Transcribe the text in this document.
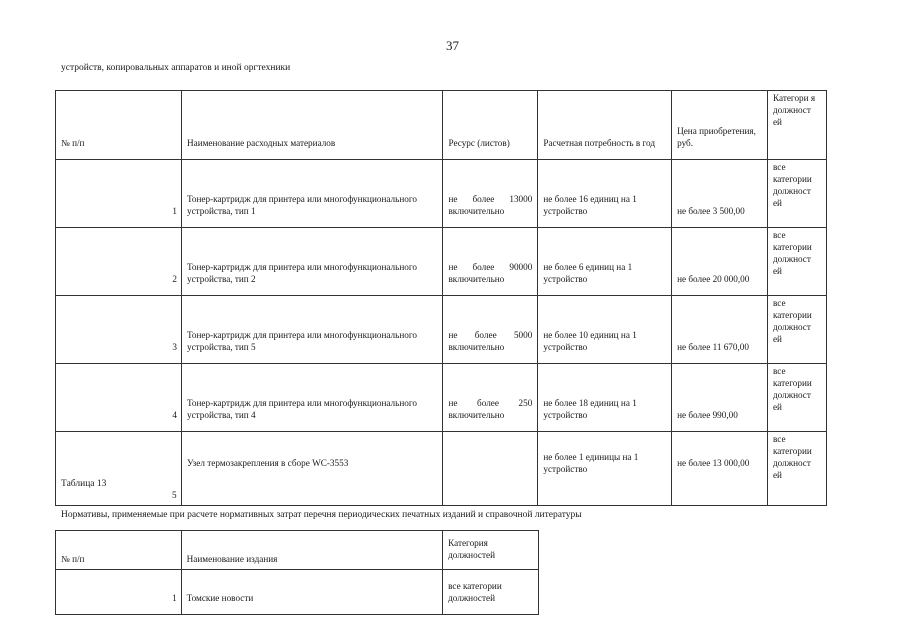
37
устройств, копировальных аппаратов и иной оргтехники
№ п/п	Наименование расходных материалов	Ресурс (листов)	Расчетная потребность в год	Цена приобретения, руб.	Категори я должност ей
1	Тонер-картридж для принтера или многофункционального устройства, тип 1	не более 13000 включительно	не более 16 единиц на 1 устройство	не более 3 500,00	все категории должност ей
2	Тонер-картридж для принтера или многофункционального устройства, тип 2	не более 90000 включительно	не более 6 единиц на 1 устройство	не более 20 000,00	все категории должност ей
3	Тонер-картридж для принтера или многофункционального устройства, тип 5	не более 5000 включительно	не более 10 единиц на 1 устройство	не более 11 670,00	все категории должност ей
4	Тонер-картридж для принтера или многофункционального устройства, тип 4	не более 250 включительно	не более 18 единиц на 1 устройство	не более 990,00	все категории должност ей
5	Узел термозакрепления в сборе WC-3553		не более 1 единицы на 1 устройство	не более 13 000,00	все категории должност ей
Таблица 13
Нормативы, применяемые при расчете нормативных затрат перечня периодических печатных изданий и справочной литературы
№ п/п	Наименование издания	Категория должностей
1	Томские новости	все категории должностей
